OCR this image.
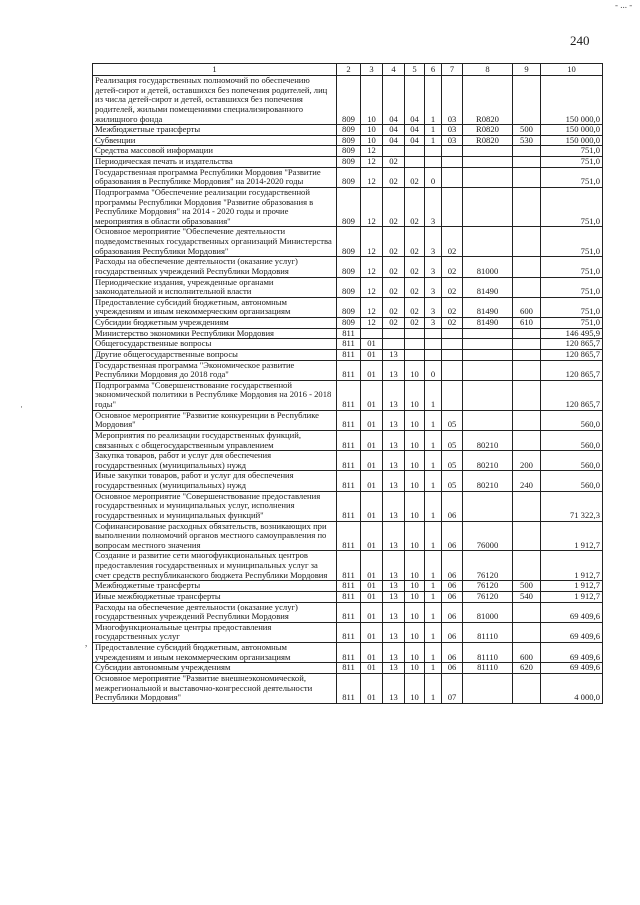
240
- ... -
·
,
1	2	3	4	5	6	7	8	9	10
Реализация государственных полномочий по обеспечению детей-сирот и детей, оставшихся без попечения родителей, лиц из числа детей-сирот и детей, оставшихся без попечения родителей, жилыми помещениями специализированного жилищного фонда	809	10	04	04	1	03	R0820		150 000,0
Межбюджетные трансферты	809	10	04	04	1	03	R0820	500	150 000,0
Субвенции	809	10	04	04	1	03	R0820	530	150 000,0
Средства массовой информации	809	12							751,0
Периодическая печать и издательства	809	12	02						751,0
Государственная программа Республики Мордовия "Развитие образования в Республике Мордовия" на 2014-2020 годы	809	12	02	02	0				751,0
Подпрограмма "Обеспечение реализации государственной программы Республики Мордовия "Развитие образования в Республике Мордовия" на 2014 - 2020 годы и прочие мероприятия в области образования"	809	12	02	02	3				751,0
Основное мероприятие "Обеспечение деятельности подведомственных государственных организаций Министерства образования Республики Мордовия"	809	12	02	02	3	02			751,0
Расходы на обеспечение деятельности (оказание услуг) государственных учреждений Республики Мордовия	809	12	02	02	3	02	81000		751,0
Периодические издания, учрежденные органами законодательной и исполнительной власти	809	12	02	02	3	02	81490		751,0
Предоставление субсидий бюджетным, автономным учреждениям и иным некоммерческим организациям	809	12	02	02	3	02	81490	600	751,0
Субсидии бюджетным учреждениям	809	12	02	02	3	02	81490	610	751,0
Министерство экономики Республики Мордовия	811								146 495,9
Общегосударственные вопросы	811	01							120 865,7
Другие общегосударственные вопросы	811	01	13						120 865,7
Государственная программа "Экономическое развитие Республики Мордовия до 2018 года"	811	01	13	10	0				120 865,7
Подпрограмма "Совершенствование государственной экономической политики в Республике Мордовия на 2016 - 2018 годы"	811	01	13	10	1				120 865,7
Основное мероприятие "Развитие конкуренции в Республике Мордовия"	811	01	13	10	1	05			560,0
Мероприятия по реализации государственных функций, связанных с общегосударственным управлением	811	01	13	10	1	05	80210		560,0
Закупка товаров, работ и услуг для обеспечения государственных (муниципальных) нужд	811	01	13	10	1	05	80210	200	560,0
Иные закупки товаров, работ и услуг для обеспечения государственных (муниципальных) нужд	811	01	13	10	1	05	80210	240	560,0
Основное мероприятие "Совершенствование предоставления государственных и муниципальных услуг, исполнения государственных и муниципальных функций"	811	01	13	10	1	06			71 322,3
Софинансирование расходных обязательств, возникающих при выполнении полномочий органов местного самоуправления по вопросам местного значения	811	01	13	10	1	06	76000		1 912,7
Создание и развитие сети многофункциональных центров предоставления государственных и муниципальных услуг за счет средств республиканского бюджета Республики Мордовия	811	01	13	10	1	06	76120		1 912,7
Межбюджетные трансферты	811	01	13	10	1	06	76120	500	1 912,7
Иные межбюджетные трансферты	811	01	13	10	1	06	76120	540	1 912,7
Расходы на обеспечение деятельности (оказание услуг) государственных учреждений Республики Мордовия	811	01	13	10	1	06	81000		69 409,6
Многофункциональные центры предоставления государственных услуг	811	01	13	10	1	06	81110		69 409,6
Предоставление субсидий бюджетным, автономным учреждениям и иным некоммерческим организациям	811	01	13	10	1	06	81110	600	69 409,6
Субсидии автономным учреждениям	811	01	13	10	1	06	81110	620	69 409,6
Основное мероприятие "Развитие внешнеэкономической, межрегиональной и выставочно-конгрессной деятельности Республики Мордовия"	811	01	13	10	1	07			4 000,0
